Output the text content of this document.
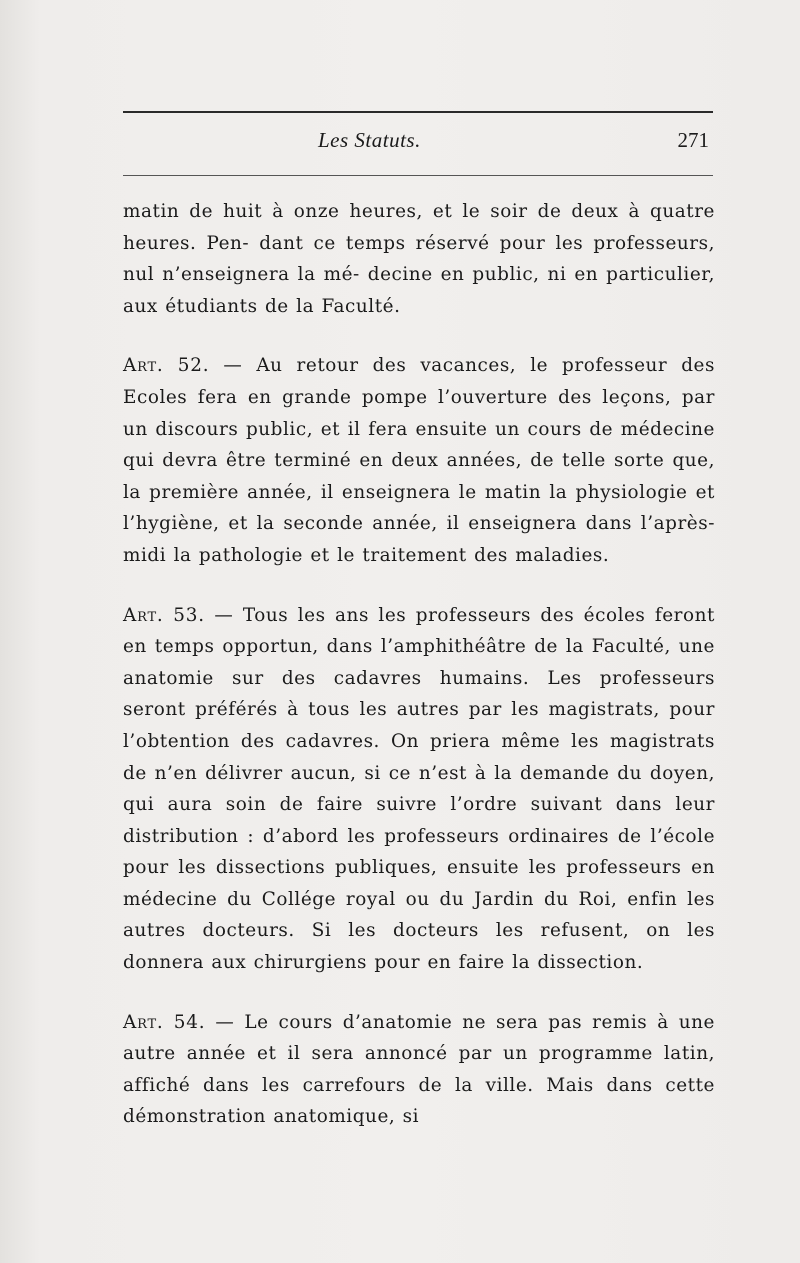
Les Statuts.	271

matin de huit à onze heures, et le soir de deux à quatre heures. Pen- dant ce temps réservé pour les professeurs, nul n’enseignera la mé- decine en public, ni en particulier, aux étudiants de la Faculté.

Art. 52. — Au retour des vacances, le professeur des Ecoles fera en grande pompe l’ouverture des leçons, par un discours public, et il fera ensuite un cours de médecine qui devra être terminé en deux années, de telle sorte que, la première année, il enseignera le matin la physiologie et l’hygiène, et la seconde année, il enseignera dans l’après-midi la pathologie et le traitement des maladies.

Art. 53. — Tous les ans les professeurs des écoles feront en temps opportun, dans l’amphithéâtre de la Faculté, une anatomie sur des cadavres humains. Les professeurs seront préférés à tous les autres par les magistrats, pour l’obtention des cadavres. On priera même les magistrats de n’en délivrer aucun, si ce n’est à la demande du doyen, qui aura soin de faire suivre l’ordre suivant dans leur distribution : d’abord les professeurs ordinaires de l’école pour les dissections publiques, ensuite les professeurs en médecine du Collége royal ou du Jardin du Roi, enfin les autres docteurs. Si les docteurs les refusent, on les donnera aux chirurgiens pour en faire la dissection.

Art. 54. — Le cours d’anatomie ne sera pas remis à une autre année et il sera annoncé par un programme latin, affiché dans les carrefours de la ville. Mais dans cette démonstration anatomique, si
